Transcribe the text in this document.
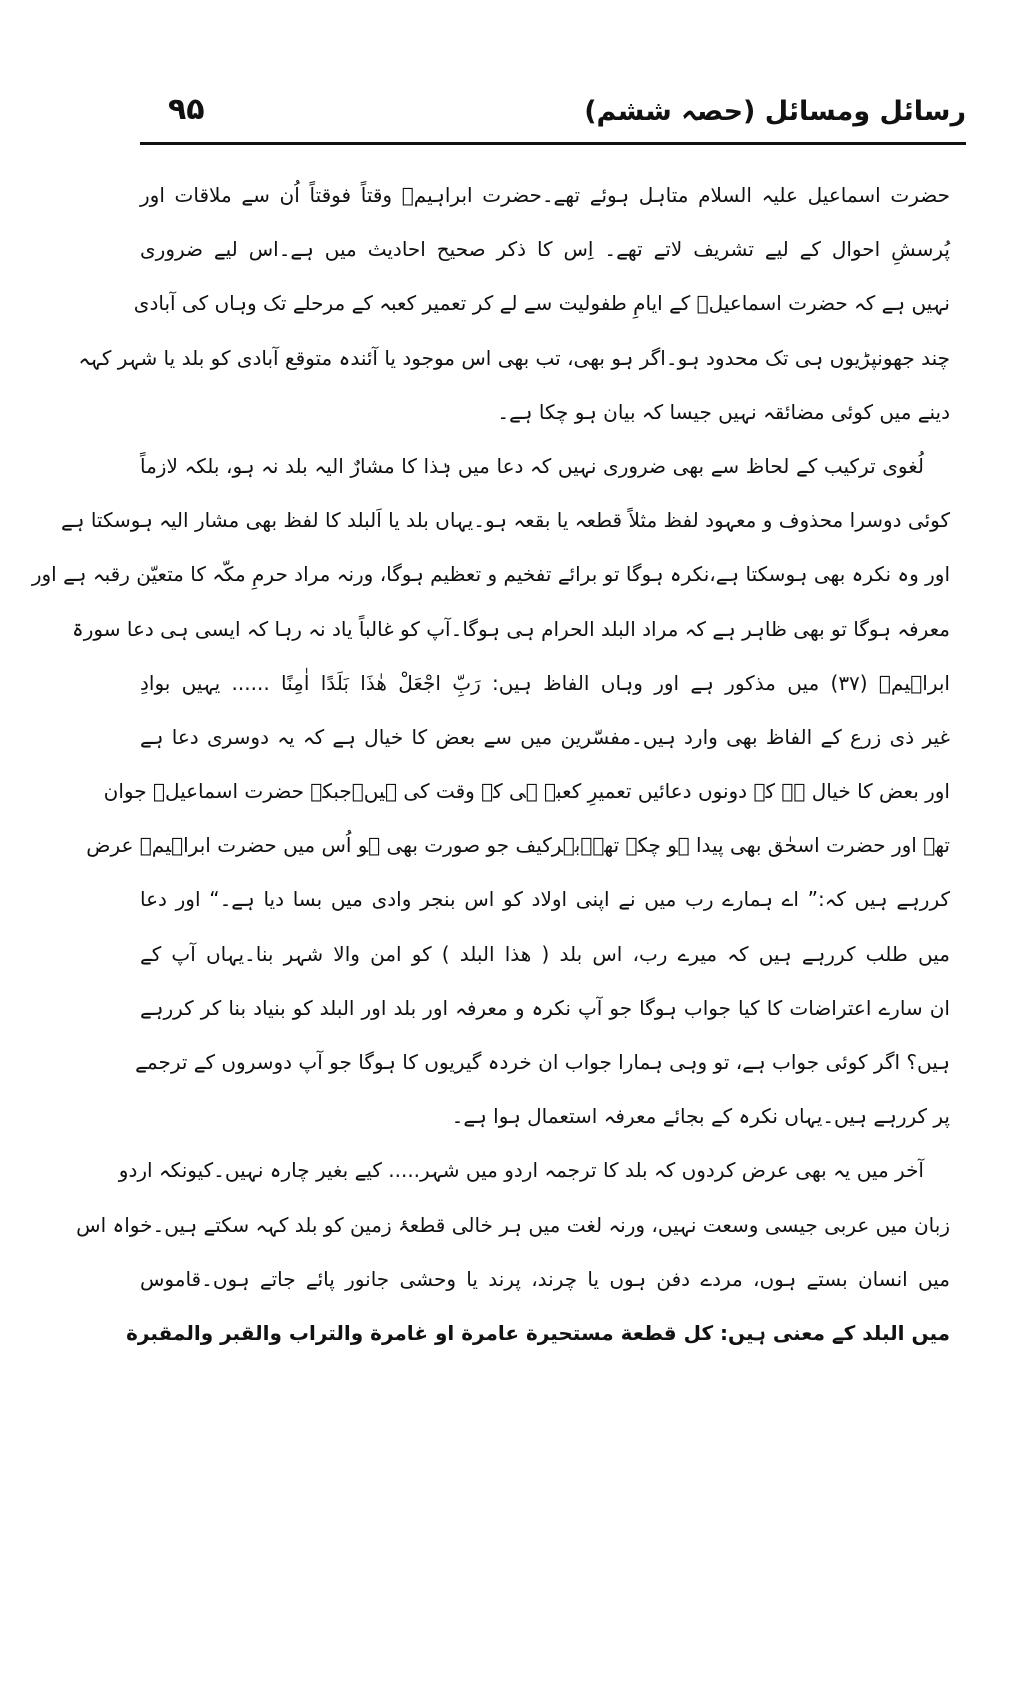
رسائل ومسائل (حصہ ششم)
۹۵
حضرت اسماعیل علیہ السلام متاہل ہوئے تھے۔حضرت ابراہیمؑ وقتاً فوقتاً اُن سے ملاقات اور
پُرسشِ احوال کے لیے تشریف لاتے تھے۔ اِس کا ذکر صحیح احادیث میں ہے۔اس لیے ضروری
نہیں ہے کہ حضرت اسماعیلؑ کے ایامِ طفولیت سے لے کر تعمیر کعبہ کے مرحلے تک وہاں کی آبادی
چند جھونپڑیوں ہی تک محدود ہو۔اگر ہو بھی، تب بھی اس موجود یا آئندہ متوقع آبادی کو بلد یا شہر کہہ
دینے میں کوئی مضائقہ نہیں جیسا کہ بیان ہو چکا ہے۔
لُغوی ترکیب کے لحاظ سے بھی ضروری نہیں کہ دعا میں ہٰذا کا مشارٌ الیہ بلد نہ ہو، بلکہ لازماً
کوئی دوسرا محذوف و معہود لفظ مثلاً قطعہ یا بقعہ ہو۔یہاں بلد یا اَلبلد کا لفظ بھی مشار الیہ ہوسکتا ہے
اور وہ نکرہ بھی ہوسکتا ہے،نکرہ ہوگا تو برائے تفخیم و تعظیم ہوگا، ورنہ مراد حرمِ مکّہ کا متعیّن رقبہ ہے اور
معرفہ ہوگا تو بھی ظاہر ہے کہ مراد البلد الحرام ہی ہوگا۔آپ کو غالباً یاد نہ رہا کہ ایسی ہی دعا سورۃ
ابراہیمؑ (۳۷) میں مذکور ہے اور وہاں الفاظ ہیں: رَبِّ اجْعَلْ ھٰذَا بَلَدًا اٰمِنًا ...... یہیں بوادِ
غیر ذی زرع کے الفاظ بھی وارد ہیں۔مفسّرین میں سے بعض کا خیال ہے کہ یہ دوسری دعا ہے
اور بعض کا خیال ہے کہ دونوں دعائیں تعمیرِ کعبہ ہی کے وقت کی ہیں۔جبکہ حضرت اسماعیلؑ جوان
تھے اور حضرت اسحٰق بھی پیدا ہو چکے تھے۔بہرکیف جو صورت بھی ہو اُس میں حضرت ابراہیمؑ عرض
کررہے ہیں کہ:” اے ہمارے رب میں نے اپنی اولاد کو اس بنجر وادی میں بسا دیا ہے۔“ اور دعا
میں طلب کررہے ہیں کہ میرے رب، اس بلد ( ھذا البلد ) کو امن والا شہر بنا۔یہاں آپ کے
ان سارے اعتراضات کا کیا جواب ہوگا جو آپ نکرہ و معرفہ اور بلد اور البلد کو بنیاد بنا کر کررہے
ہیں؟ اگر کوئی جواب ہے، تو وہی ہمارا جواب ان خردہ گیریوں کا ہوگا جو آپ دوسروں کے ترجمے
پر کررہے ہیں۔یہاں نکرہ کے بجائے معرفہ استعمال ہوا ہے۔
آخر میں یہ بھی عرض کردوں کہ بلد کا ترجمہ اردو میں شہر..... کیے بغیر چارہ نہیں۔کیونکہ اردو
زبان میں عربی جیسی وسعت نہیں، ورنہ لغت میں ہر خالی قطعۂ زمین کو بلد کہہ سکتے ہیں۔خواہ اس
میں انسان بستے ہوں، مردے دفن ہوں یا چرند، پرند یا وحشی جانور پائے جاتے ہوں۔قاموس
میں البلد کے معنی ہیں: کل قطعة مستحيرة عامرة او غامرة والتراب والقبر والمقبرة
